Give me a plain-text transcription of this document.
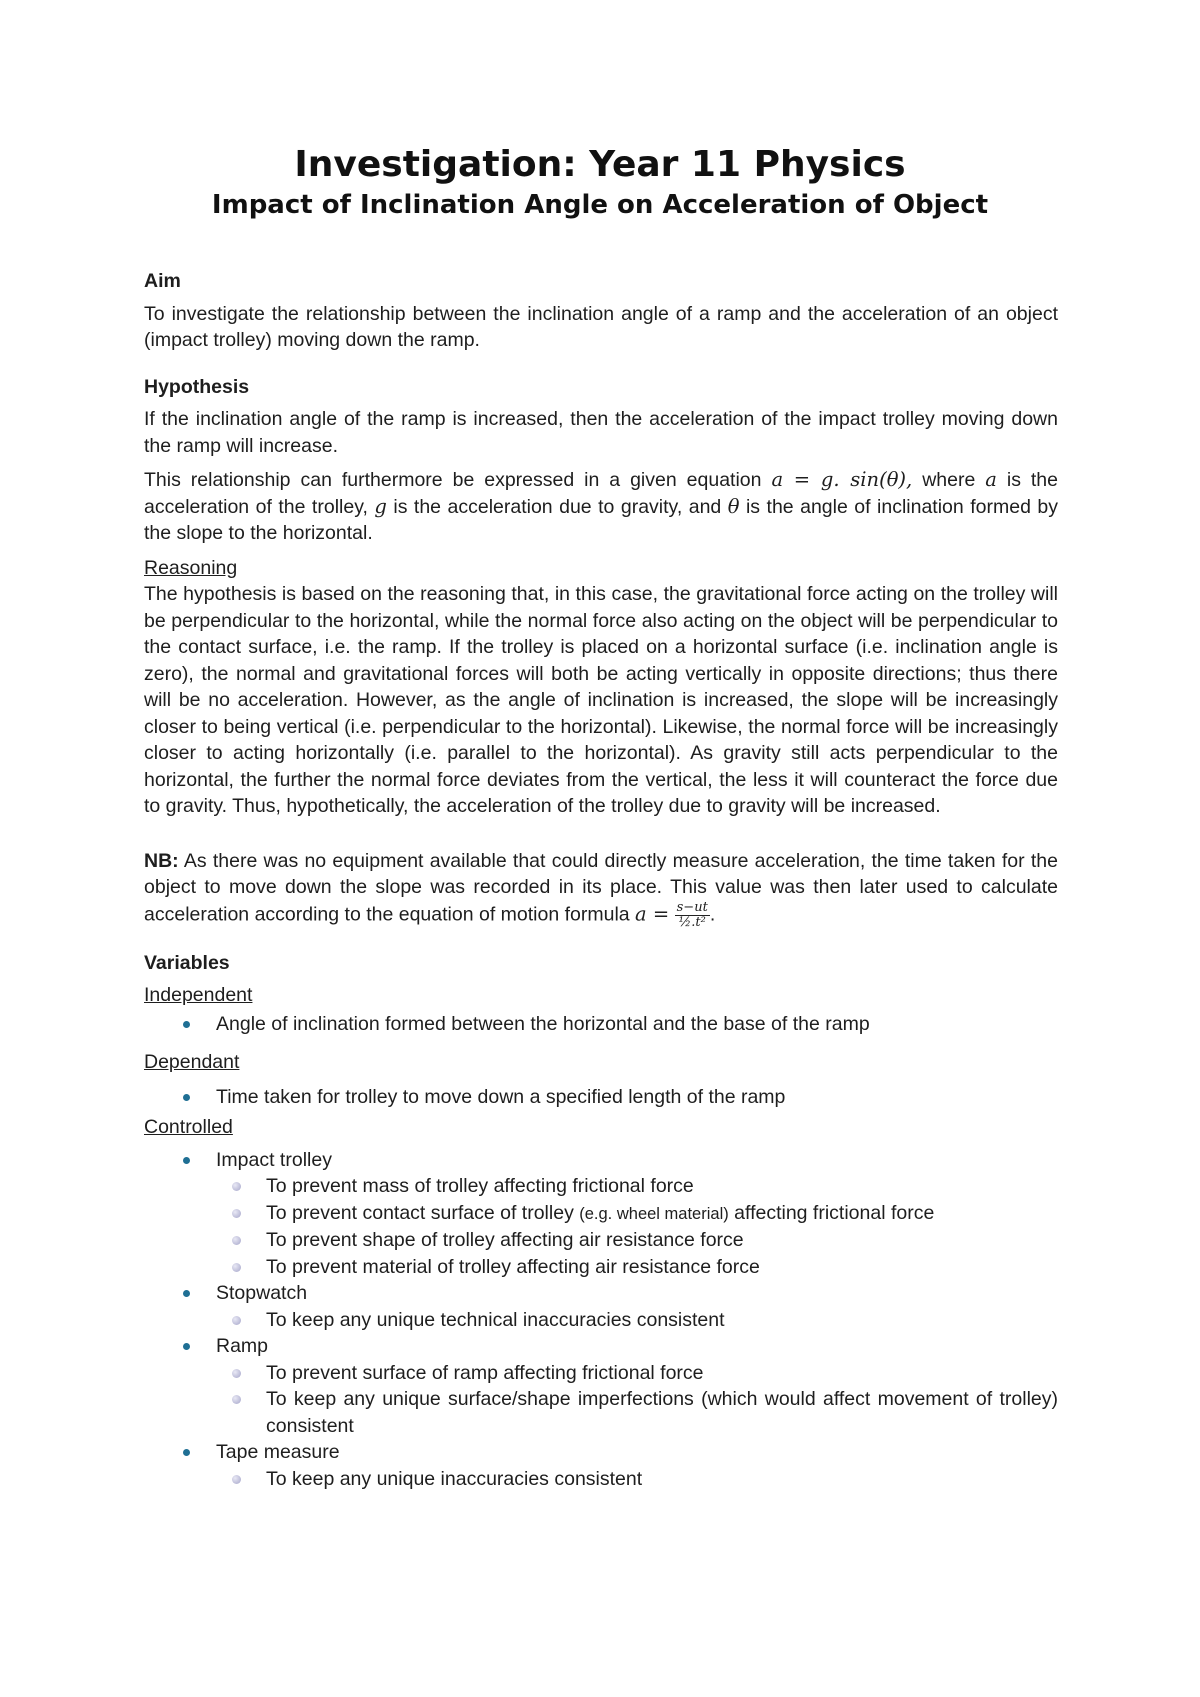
Investigation: Year 11 Physics
Impact of Inclination Angle on Acceleration of Object
Aim

To investigate the relationship between the inclination angle of a ramp and the acceleration of an object (impact trolley) moving down the ramp.

Hypothesis

If the inclination angle of the ramp is increased, then the acceleration of the impact trolley moving down the ramp will increase.

This relationship can furthermore be expressed in a given equation a = g. sin(θ), where a is the acceleration of the trolley, g is the acceleration due to gravity, and θ is the angle of inclination formed by the slope to the horizontal.

Reasoning

The hypothesis is based on the reasoning that, in this case, the gravitational force acting on the trolley will be perpendicular to the horizontal, while the normal force also acting on the object will be perpendicular to the contact surface, i.e. the ramp. If the trolley is placed on a horizontal surface (i.e. inclination angle is zero), the normal and gravitational forces will both be acting vertically in opposite directions; thus there will be no acceleration. However, as the angle of inclination is increased, the slope will be increasingly closer to being vertical (i.e. perpendicular to the horizontal). Likewise, the normal force will be increasingly closer to acting horizontally (i.e. parallel to the horizontal). As gravity still acts perpendicular to the horizontal, the further the normal force deviates from the vertical, the less it will counteract the force due to gravity. Thus, hypothetically, the acceleration of the trolley due to gravity will be increased.

NB: As there was no equipment available that could directly measure acceleration, the time taken for the object to move down the slope was recorded in its place. This value was then later used to calculate acceleration according to the equation of motion formula $a = \frac{s-ut}{\text{½.t²}}$ .

Variables
Independent
Angle of inclination formed between the horizontal and the base of the ramp
Dependant
Time taken for trolley to move down a specified length of the ramp
Controlled
Impact trolley
To prevent mass of trolley affecting frictional force
To prevent contact surface of trolley (e.g. wheel material) affecting frictional force
To prevent shape of trolley affecting air resistance force
To prevent material of trolley affecting air resistance force
Stopwatch
To keep any unique technical inaccuracies consistent
Ramp
To prevent surface of ramp affecting frictional force
To keep any unique surface/shape imperfections (which would affect movement of trolley) consistent
Tape measure
To keep any unique inaccuracies consistent
